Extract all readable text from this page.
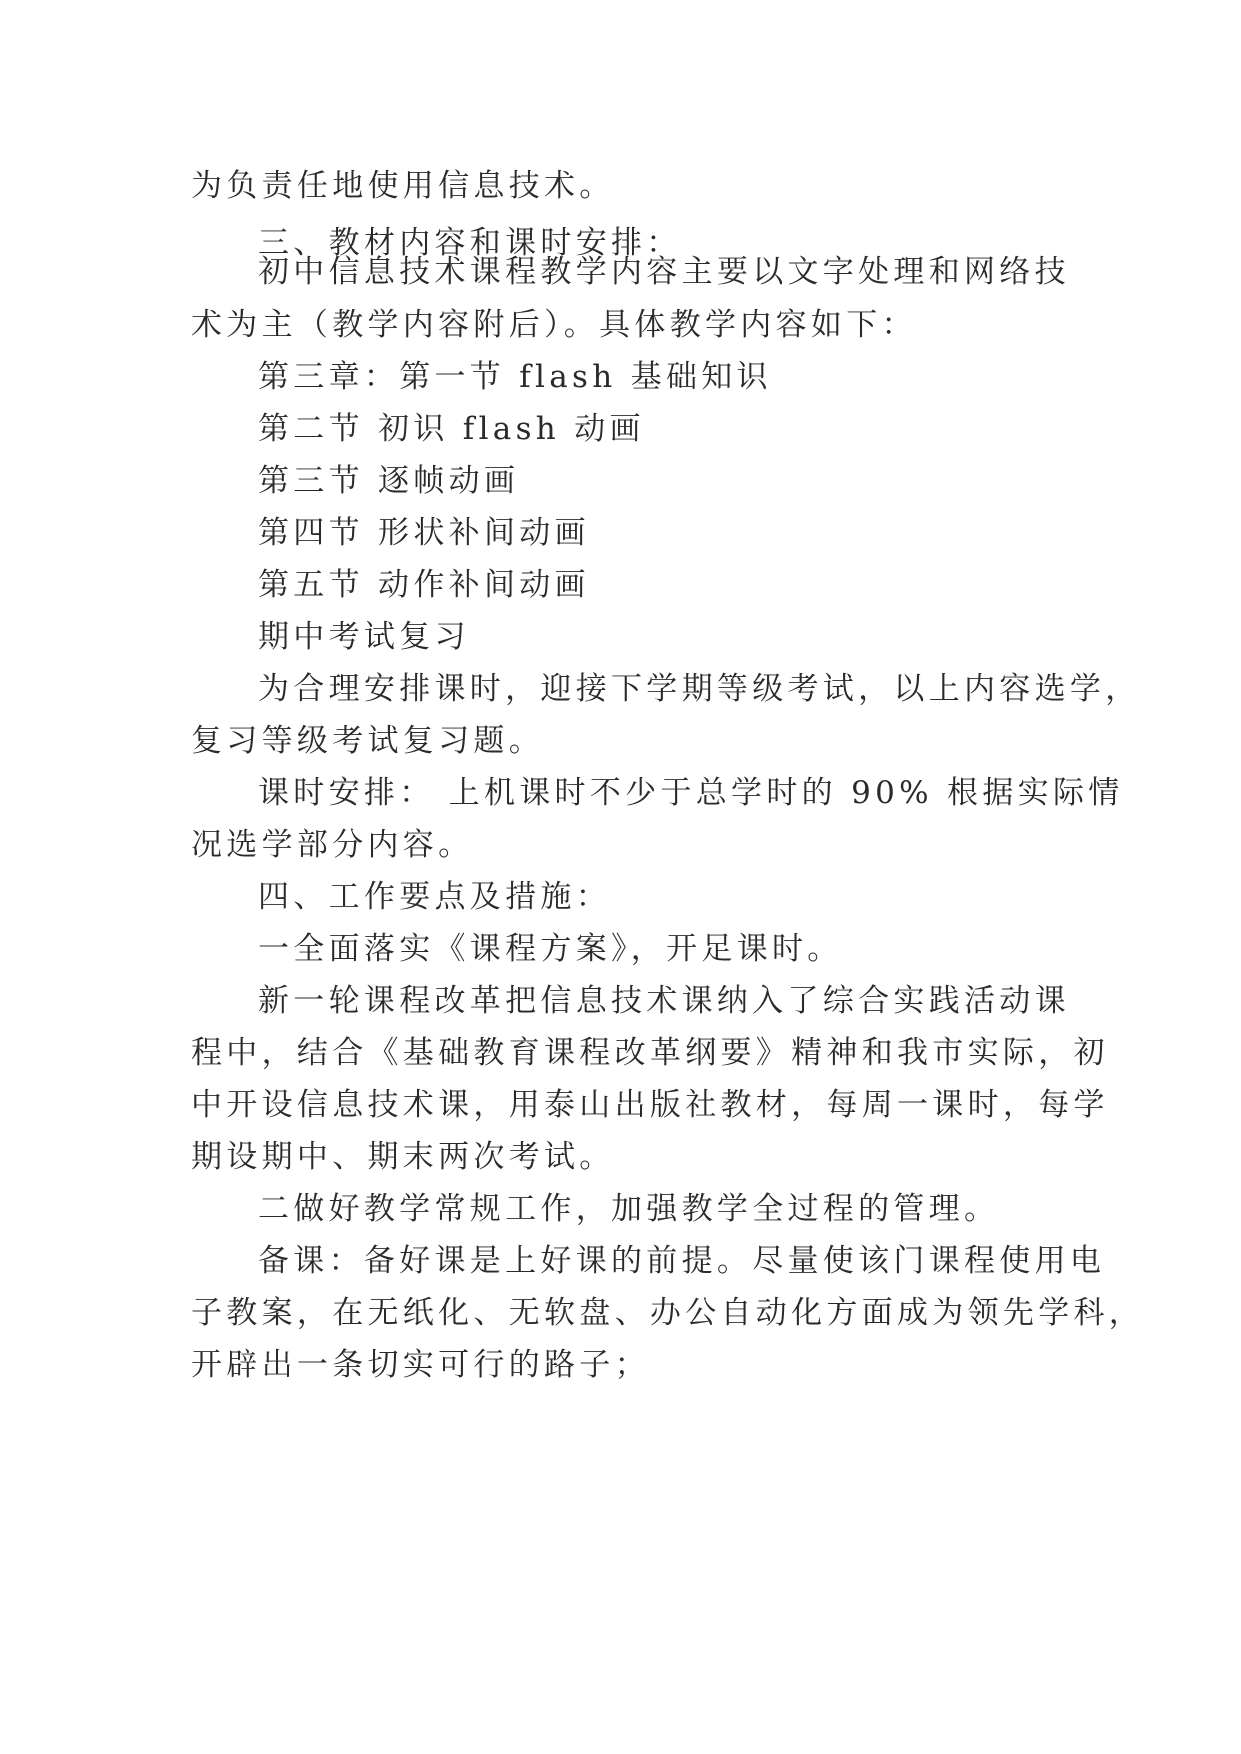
为负责任地使用信息技术。
三、教材内容和课时安排：
初中信息技术课程教学内容主要以文字处理和网络技
术为主（教学内容附后）。具体教学内容如下：
第三章：第一节 flash 基础知识
第二节 初识 flash 动画
第三节 逐帧动画
第四节 形状补间动画
第五节 动作补间动画
期中考试复习
为合理安排课时，迎接下学期等级考试，以上内容选学，
复习等级考试复习题。
课时安排： 上机课时不少于总学时的 90% 根据实际情
况选学部分内容。
四、工作要点及措施：
一全面落实《课程方案》，开足课时。
新一轮课程改革把信息技术课纳入了综合实践活动课
程中，结合《基础教育课程改革纲要》精神和我市实际，初
中开设信息技术课，用泰山出版社教材，每周一课时，每学
期设期中、期末两次考试。
二做好教学常规工作，加强教学全过程的管理。
备课：备好课是上好课的前提。尽量使该门课程使用电
子教案，在无纸化、无软盘、办公自动化方面成为领先学科，
开辟出一条切实可行的路子；
